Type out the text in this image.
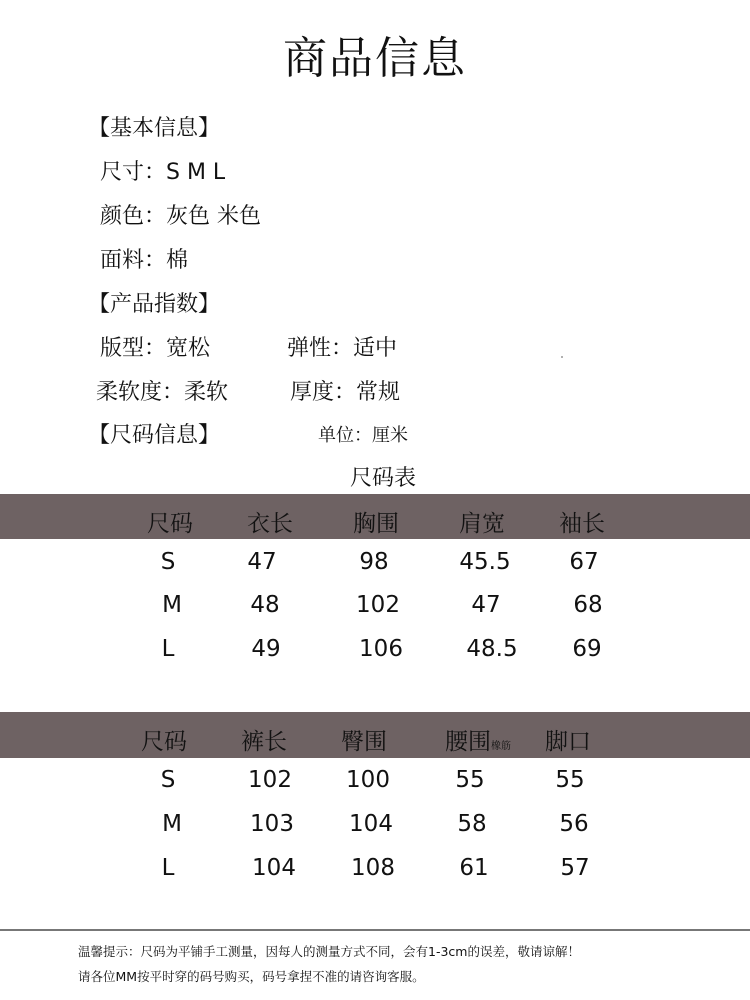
商品信息
【基本信息】
尺寸：S M L
颜色：灰色 米色
面料：棉
【产品指数】
版型：宽松	弹性：适中
柔软度：柔软	厚度：常规
【尺码信息】	单位：厘米
尺码表
尺码 衣长	胸围	肩宽 袖长
S	47	98	45.5	67
M	48	102	47	68
L	49	106	48.5 69
尺码 裤长 臀围	腰围橡筋 脚口
S	102 100	55	55
M	103 104	58	56
L	104 108	61	57
温馨提示：尺码为平铺手工测量，因每人的测量方式不同，会有1-3cm的误差，敬请谅解！
请各位MM按平时穿的码号购买，码号拿捏不准的请咨询客服。
